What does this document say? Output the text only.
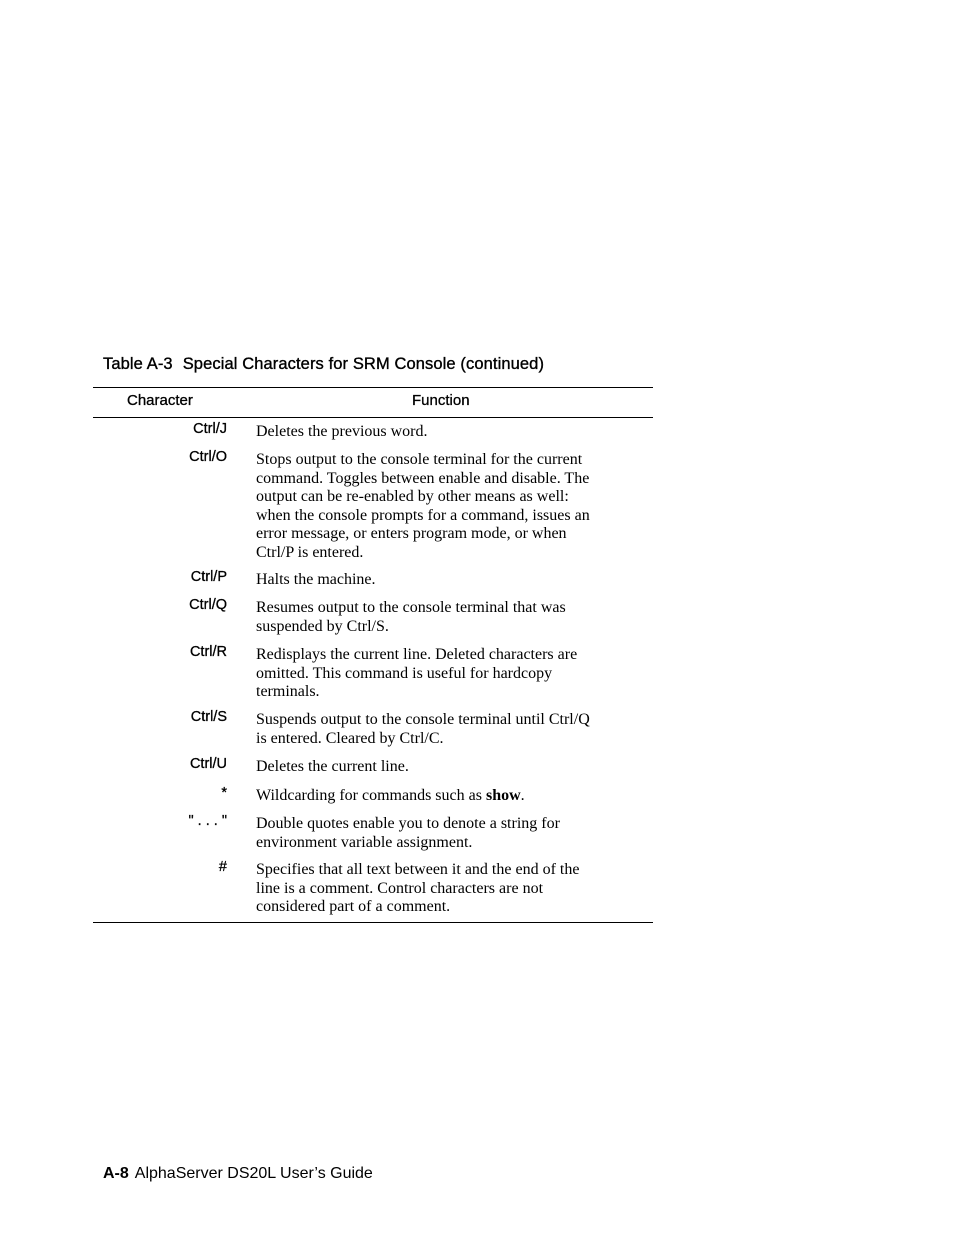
Table A-3 Special Characters for SRM Console (continued)
Character	Function
Ctrl/J Deletes the previous word.
Ctrl/O Stops output to the console terminal for the current
command. Toggles between enable and disable. The
output can be re-enabled by other means as well:
when the console prompts for a command, issues an
error message, or enters program mode, or when
Ctrl/P is entered.
Ctrl/P Halts the machine.
Ctrl/Q Resumes output to the console terminal that was
suspended by Ctrl/S.
Ctrl/R Redisplays the current line. Deleted characters are
omitted. This command is useful for hardcopy
terminals.
Ctrl/S Suspends output to the console terminal until Ctrl/Q
is entered. Cleared by Ctrl/C.
Ctrl/U Deletes the current line.
* Wildcarding for commands such as show.
" . . . " Double quotes enable you to denote a string for
environment variable assignment.
# Specifies that all text between it and the end of the
line is a comment. Control characters are not
considered part of a comment.
A-8 AlphaServer DS20L User’s Guide
